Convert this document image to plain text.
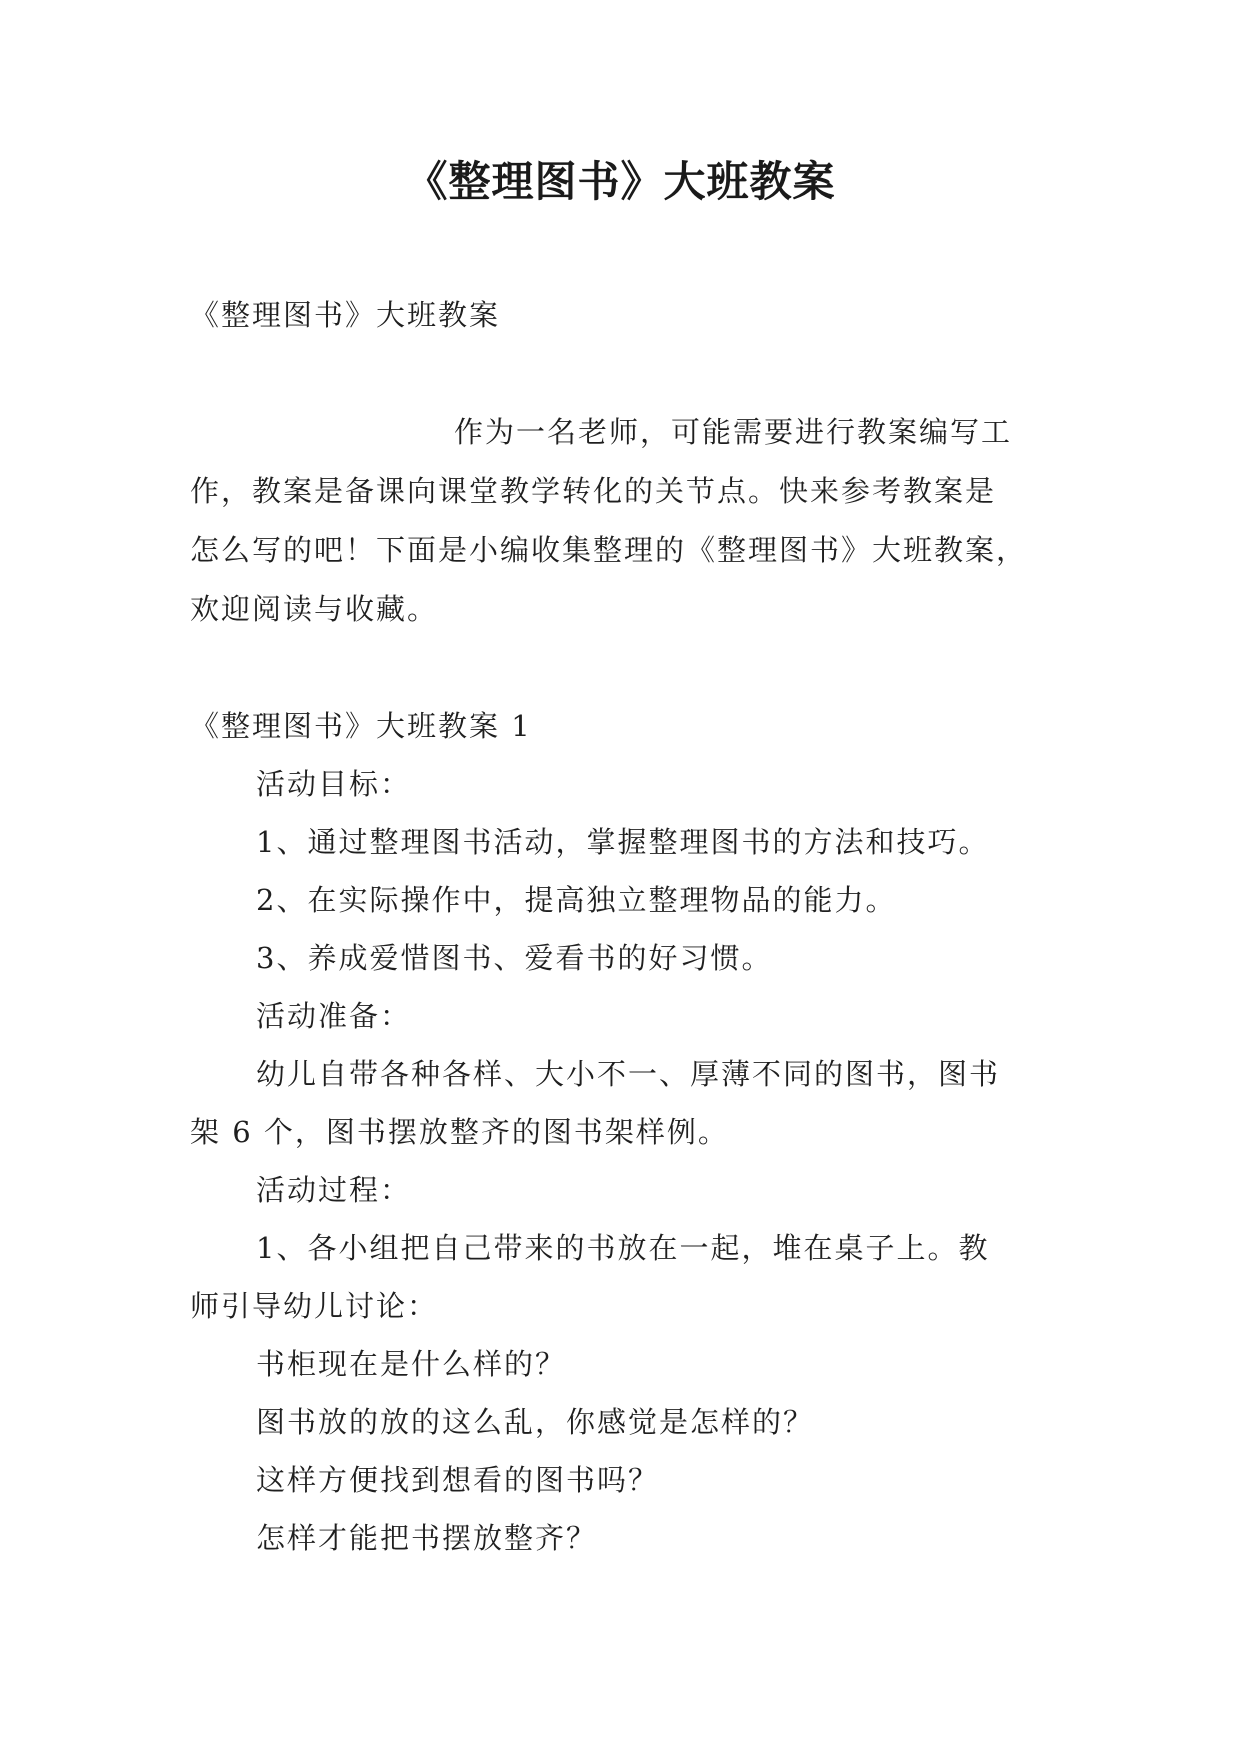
《整理图书》大班教案
《整理图书》大班教案
作为一名老师，可能需要进行教案编写工
作，教案是备课向课堂教学转化的关节点。快来参考教案是
怎么写的吧！下面是小编收集整理的《整理图书》大班教案，
欢迎阅读与收藏。
《整理图书》大班教案 1
活动目标：
1、通过整理图书活动，掌握整理图书的方法和技巧。
2、在实际操作中，提高独立整理物品的能力。
3、养成爱惜图书、爱看书的好习惯。
活动准备：
幼儿自带各种各样、大小不一、厚薄不同的图书，图书
架 6 个，图书摆放整齐的图书架样例。
活动过程：
1、各小组把自己带来的书放在一起，堆在桌子上。教
师引导幼儿讨论：
书柜现在是什么样的？
图书放的放的这么乱，你感觉是怎样的？
这样方便找到想看的图书吗？
怎样才能把书摆放整齐？
